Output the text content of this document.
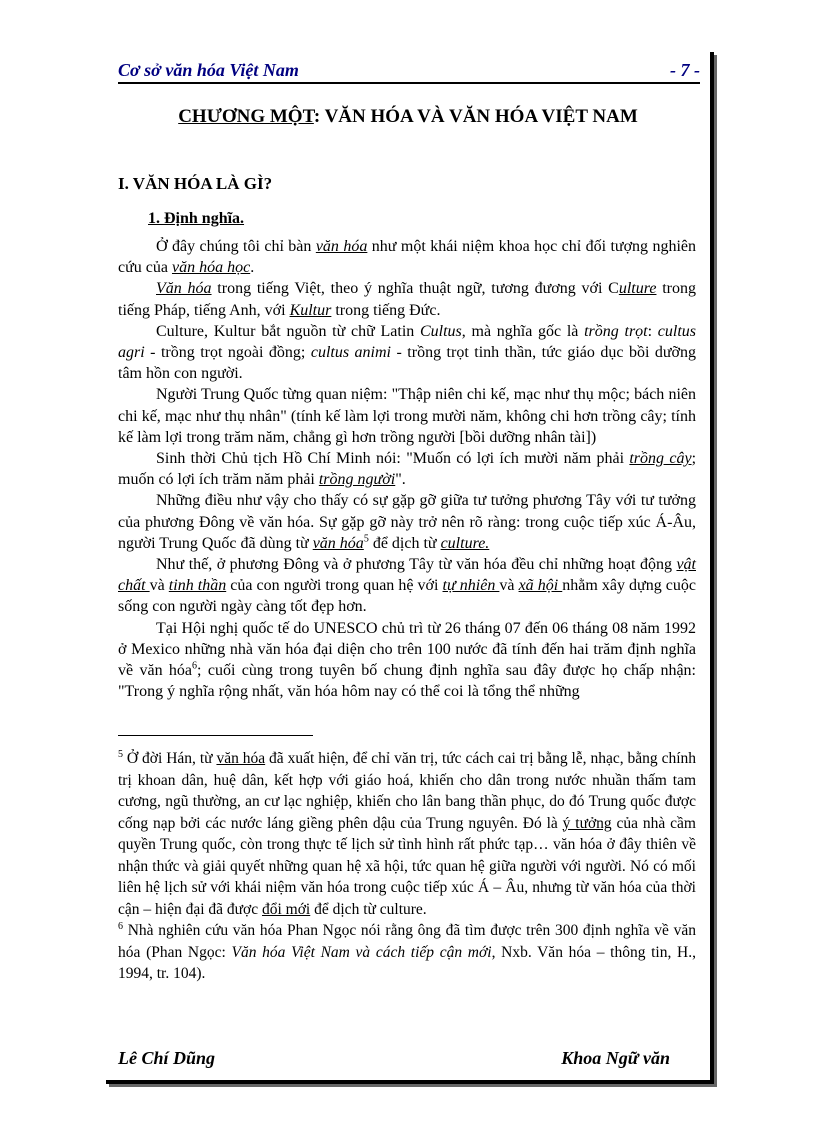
Cơ sở văn hóa Việt Nam	- 7 -
CHƯƠNG MỘT: VĂN HÓA VÀ VĂN HÓA VIỆT NAM
I. VĂN HÓA LÀ GÌ?
1. Định nghĩa.

Ở đây chúng tôi chỉ bàn văn hóa như một khái niệm khoa học chỉ đối tượng nghiên cứu của văn hóa học.

Văn hóa trong tiếng Việt, theo ý nghĩa thuật ngữ, tương đương với Culture trong tiếng Pháp, tiếng Anh, với Kultur trong tiếng Đức.

Culture, Kultur bắt nguồn từ chữ Latin Cultus, mà nghĩa gốc là trồng trọt: cultus agri - trồng trọt ngoài đồng; cultus animi - trồng trọt tinh thần, tức giáo dục bồi dưỡng tâm hồn con người.

Người Trung Quốc từng quan niệm: "Thập niên chi kế, mạc như thụ mộc; bách niên chi kế, mạc như thụ nhân" (tính kế làm lợi trong mười năm, không chi hơn trồng cây; tính kế làm lợi trong trăm năm, chẳng gì hơn trồng người [bồi dưỡng nhân tài])

Sinh thời Chủ tịch Hồ Chí Minh nói: "Muốn có lợi ích mười năm phải trồng cây; muốn có lợi ích trăm năm phải trồng người".

Những điều như vậy cho thấy có sự gặp gỡ giữa tư tưởng phương Tây với tư tưởng của phương Đông về văn hóa. Sự gặp gỡ này trở nên rõ ràng: trong cuộc tiếp xúc Á-Âu, người Trung Quốc đã dùng từ văn hóa$^5$ để dịch từ culture.

Như thế, ở phương Đông và ở phương Tây từ văn hóa đều chỉ những hoạt động vật chất và tinh thần của con người trong quan hệ với tự nhiên và xã hội nhằm xây dựng cuộc sống con người ngày càng tốt đẹp hơn.

Tại Hội nghị quốc tế do UNESCO chủ trì từ 26 tháng 07 đến 06 tháng 08 năm 1992 ở Mexico những nhà văn hóa đại diện cho trên 100 nước đã tính đến hai trăm định nghĩa về văn hóa$^6$; cuối cùng trong tuyên bố chung định nghĩa sau đây được họ chấp nhận: "Trong ý nghĩa rộng nhất, văn hóa hôm nay có thể coi là tổng thể những

$^5$ Ở đời Hán, từ văn hóa đã xuất hiện, để chỉ văn trị, tức cách cai trị bằng lễ, nhạc, bằng chính trị khoan dân, huệ dân, kết hợp với giáo hoá, khiến cho dân trong nước nhuần thấm tam cương, ngũ thường, an cư lạc nghiệp, khiến cho lân bang thần phục, do đó Trung quốc được cống nạp bởi các nước láng giềng phên dậu của Trung nguyên. Đó là ý tưởng của nhà cầm quyền Trung quốc, còn trong thực tế lịch sử tình hình rất phức tạp… văn hóa ở đây thiên về nhận thức và giải quyết những quan hệ xã hội, tức quan hệ giữa người với người. Nó có mối liên hệ lịch sử với khái niệm văn hóa trong cuộc tiếp xúc Á – Âu, nhưng từ văn hóa của thời cận – hiện đại đã được đổi mới để dịch từ culture.

$^6$ Nhà nghiên cứu văn hóa Phan Ngọc nói rằng ông đã tìm được trên 300 định nghĩa về văn hóa (Phan Ngọc: Văn hóa Việt Nam và cách tiếp cận mới, Nxb. Văn hóa – thông tin, H., 1994, tr. 104).

Lê Chí Dũng	Khoa Ngữ văn
